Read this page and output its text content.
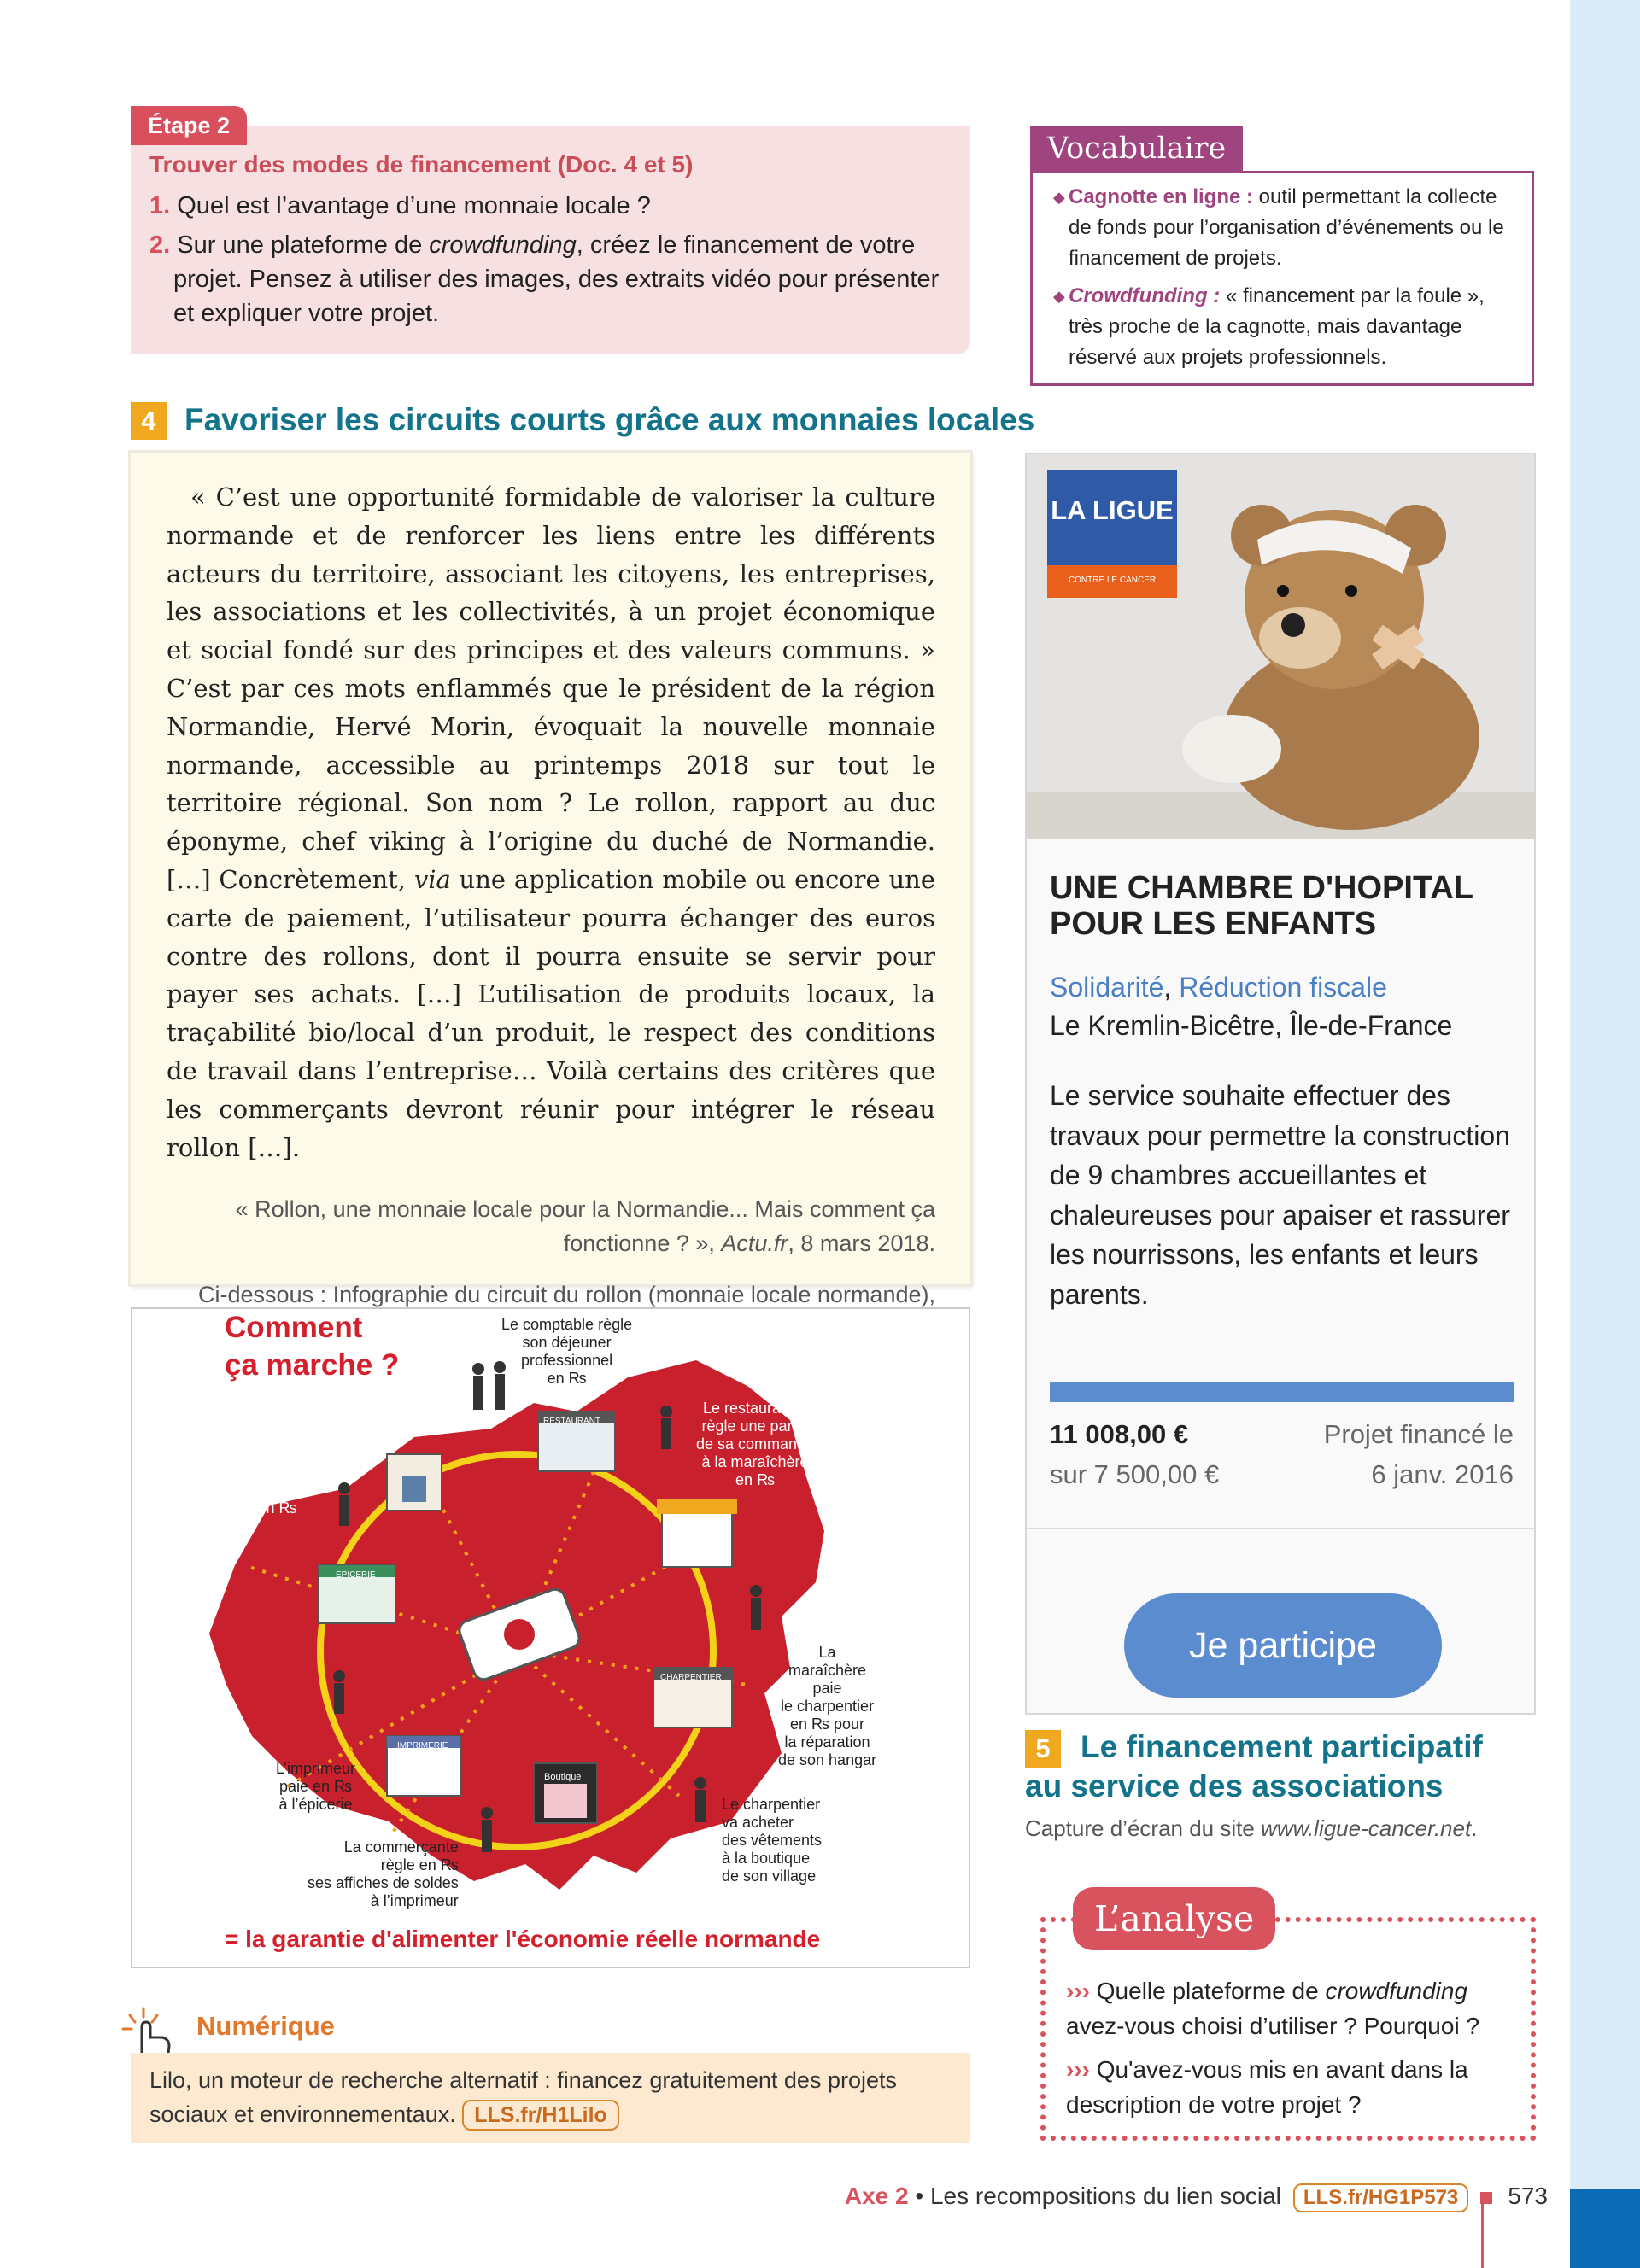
Trouver des modes de financement (Doc. 4 et 5)

1. Quel est l’avantage d’une monnaie locale ?

2. Sur une plateforme de crowdfunding, créez le financement de votre projet. Pensez à utiliser des images, des extraits vidéo pour présenter et expliquer votre projet.

Étape 2

◆ Cagnotte en ligne : outil permettant la collecte de fonds pour l’organisation d’événements ou le financement de projets.

◆ Crowdfunding : « financement par la foule », très proche de la cagnotte, mais davantage réservé aux projets professionnels.

Vocabulaire
4 Favoriser les circuits courts grâce aux monnaies locales

« C’est une opportunité formidable de valoriser la culture normande et de renforcer les liens entre les différents acteurs du territoire, associant les citoyens, les entreprises, les associations et les collectivités, à un projet économique et social fondé sur des principes et des valeurs communs. » C’est par ces mots enflammés que le président de la région Normandie, Hervé Morin, évoquait la nouvelle monnaie normande, accessible au printemps 2018 sur tout le territoire régional. Son nom ? Le rollon, rapport au duc éponyme, chef viking à l’origine du duché de Normandie. […] Concrètement, via une application mobile ou encore une carte de paiement, l’utilisateur pourra échanger des euros contre des rollons, dont il pourra ensuite se servir pour payer ses achats. […] L’utilisation de produits locaux, la traçabilité bio/local d’un produit, le respect des conditions de travail dans l’entreprise… Voilà certains des critères que les commerçants devront réunir pour intégrer le réseau rollon […].

« Rollon, une monnaie locale pour la Normandie... Mais comment ça fonctionne ? », Actu.fr, 8 mars 2018.

Ci-dessous : Infographie du circuit du rollon (monnaie locale normande),

Comment
ça marche ?
Le comptable règle
son déjeuner
professionnel
en ₨
Le restaurateur
règle une partie
de sa commande
à la maraîchère
en ₨
L’épicier
règle son
comptable
en ₨
La
maraîchère
paie
le charpentier
en ₨ pour
la réparation
de son hangar
L’imprimeur
paie en ₨
à l’épicerie	Le charpentier
va acheter
des vêtements
à la boutique
de son village
La commerçante
règle en ₨
ses affiches de soldes
à l’imprimeur
RESTAURANT
EPICERIE
CHARPENTIER
IMPRIMERIE
Boutique
= la garantie d'alimenter l'économie réelle normande
Numérique
Lilo, un moteur de recherche alternatif : financez gratuitement des projets sociaux et environnementaux. LLS.fr/H1Lilo
LA LIGUE
CONTRE LE CANCER
UNE CHAMBRE D'HOPITAL
POUR LES ENFANTS
Solidarité, Réduction fiscale
Le Kremlin-Bicêtre, Île-de-France
Le service souhaite effectuer des travaux pour permettre la construction de 9 chambres accueillantes et chaleureuses pour apaiser et rassurer les nourrissons, les enfants et leurs parents.
11 008,00 €
sur 7 500,00 €
Projet financé le
6 janv. 2016
Je participe
5 Le financement participatif
au service des associations
Capture d’écran du site www.ligue-cancer.net.
L’analyse

››› Quelle plateforme de crowdfunding avez-vous choisi d’utiliser ? Pourquoi ?

››› Qu'avez-vous mis en avant dans la description de votre projet ?

Axe 2 • Les recompositions du lien social LLS.fr/HG1P573 573
